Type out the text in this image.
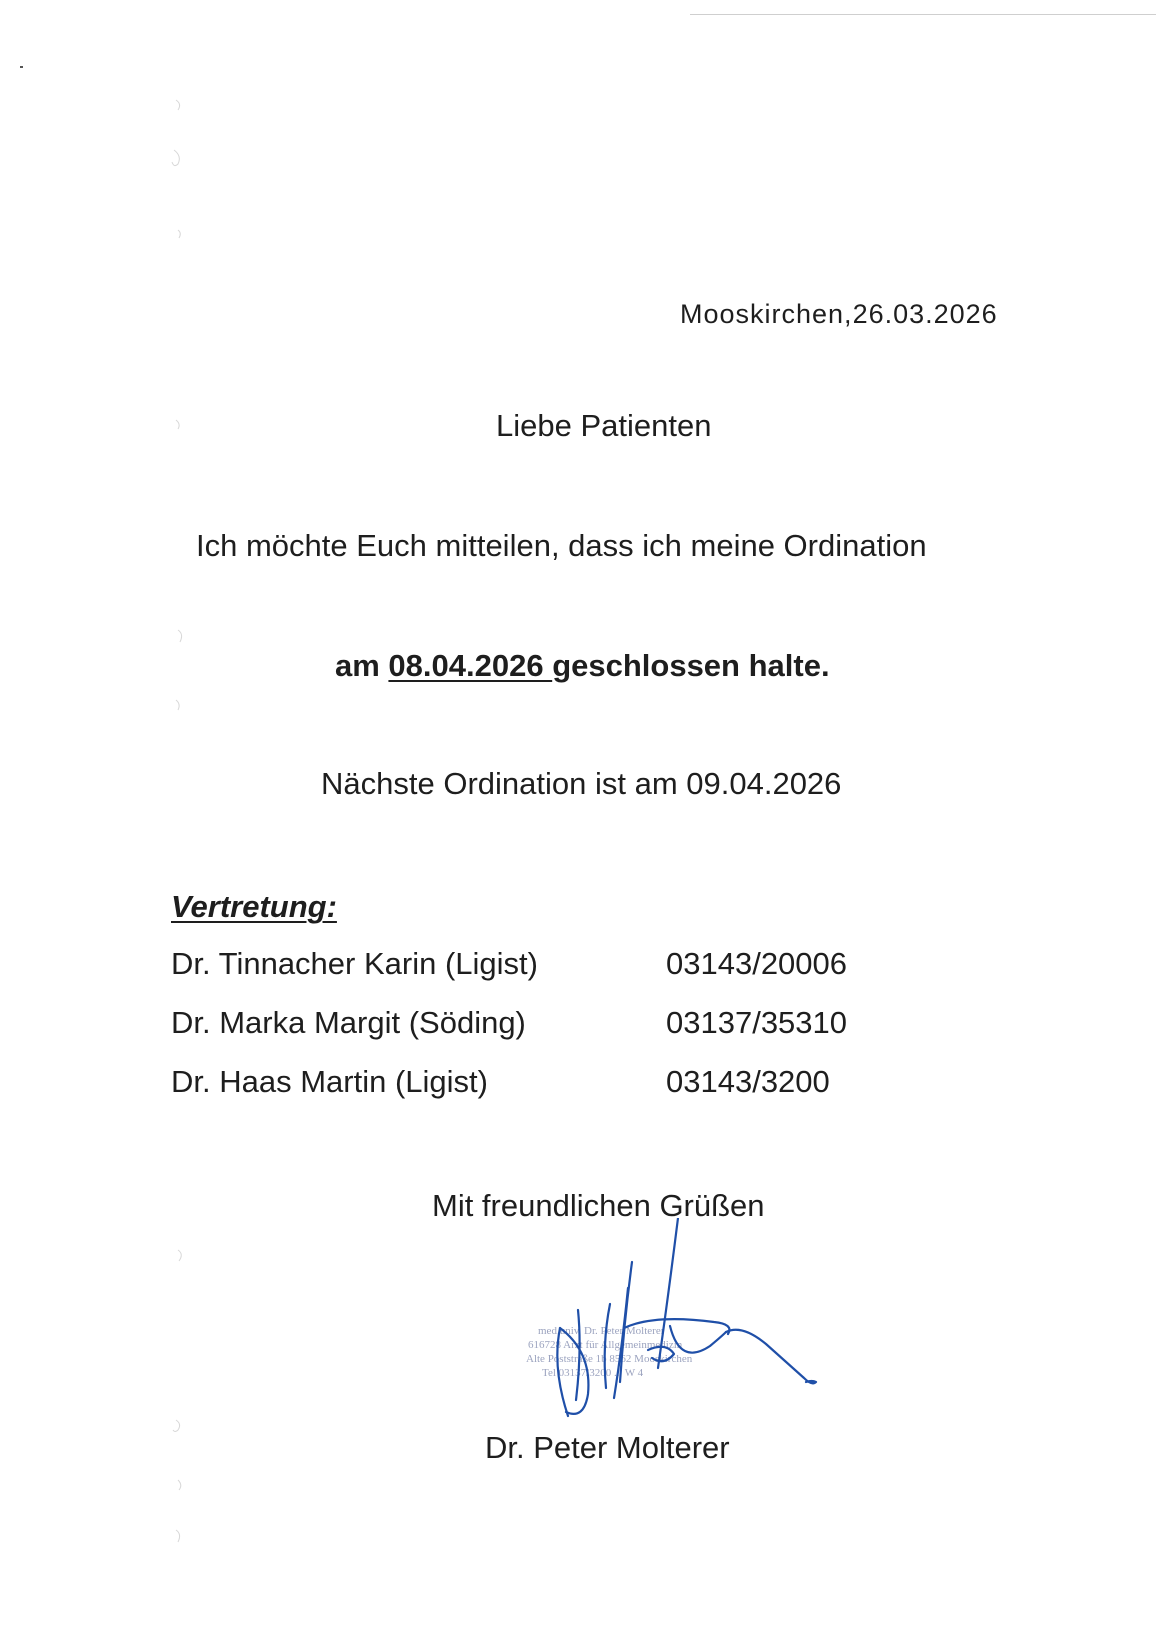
Mooskirchen,26.03.2026
Liebe Patienten
Ich möchte Euch mitteilen, dass ich meine Ordination
am 08.04.2026 geschlossen halte.
Nächste Ordination ist am 09.04.2026
Vertretung:
Dr. Tinnacher Karin (Ligist)	03143/20006
Dr. Marka Margit (Söding)	03137/35310
Dr. Haas Martin (Ligist)	03143/3200
Mit freundlichen Grüßen
med.univ. Dr. Peter Molterer
616728 Arzt für Allgemeinmedizin
Alte Poststraße 1b 8562 Mooskirchen
Tel 03137/3200 ... W 4
Dr. Peter Molterer
